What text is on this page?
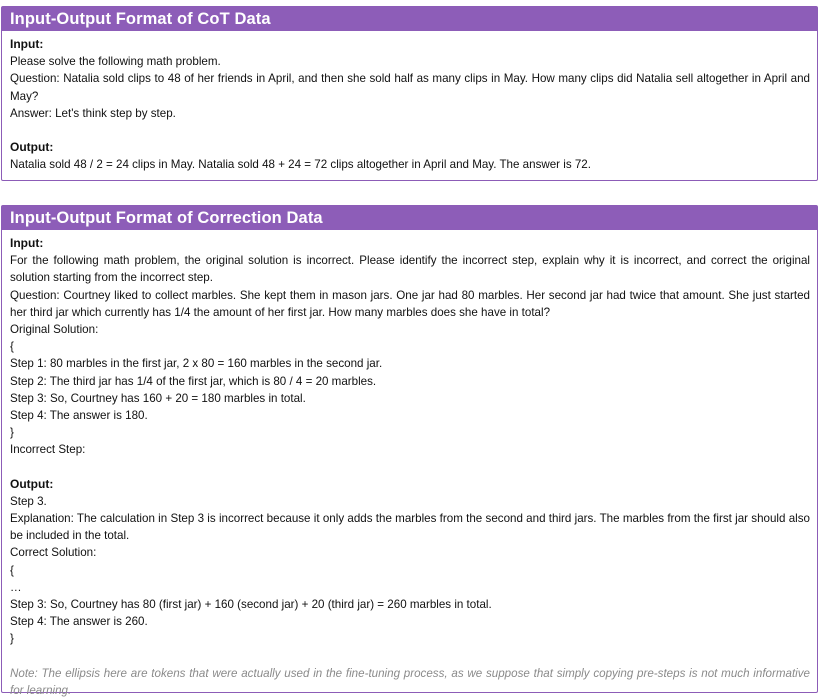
Input-Output Format of CoT Data
Input:
Please solve the following math problem.
Question: Natalia sold clips to 48 of her friends in April, and then she sold half as many clips in May. How many clips did Natalia sell altogether in April and May?
Answer: Let's think step by step.
Output:
Natalia sold 48 / 2 = 24 clips in May. Natalia sold 48 + 24 = 72 clips altogether in April and May. The answer is 72.
Input-Output Format of Correction Data
Input:
For the following math problem, the original solution is incorrect. Please identify the incorrect step, explain why it is incorrect, and correct the original solution starting from the incorrect step.
Question: Courtney liked to collect marbles. She kept them in mason jars. One jar had 80 marbles. Her second jar had twice that amount. She just started her third jar which currently has 1/4 the amount of her first jar. How many marbles does she have in total?
Original Solution:
{
Step 1: 80 marbles in the first jar, 2 x 80 = 160 marbles in the second jar.
Step 2: The third jar has 1/4 of the first jar, which is 80 / 4 = 20 marbles.
Step 3: So, Courtney has 160 + 20 = 180 marbles in total.
Step 4: The answer is 180.
}
Incorrect Step:
Output:
Step 3.
Explanation: The calculation in Step 3 is incorrect because it only adds the marbles from the second and third jars. The marbles from the first jar should also be included in the total.
Correct Solution:
{
…
Step 3: So, Courtney has 80 (first jar) + 160 (second jar) + 20 (third jar) = 260 marbles in total.
Step 4: The answer is 260.
}
Note: The ellipsis here are tokens that were actually used in the fine-tuning process, as we suppose that simply copying pre-steps is not much informative for learning.
